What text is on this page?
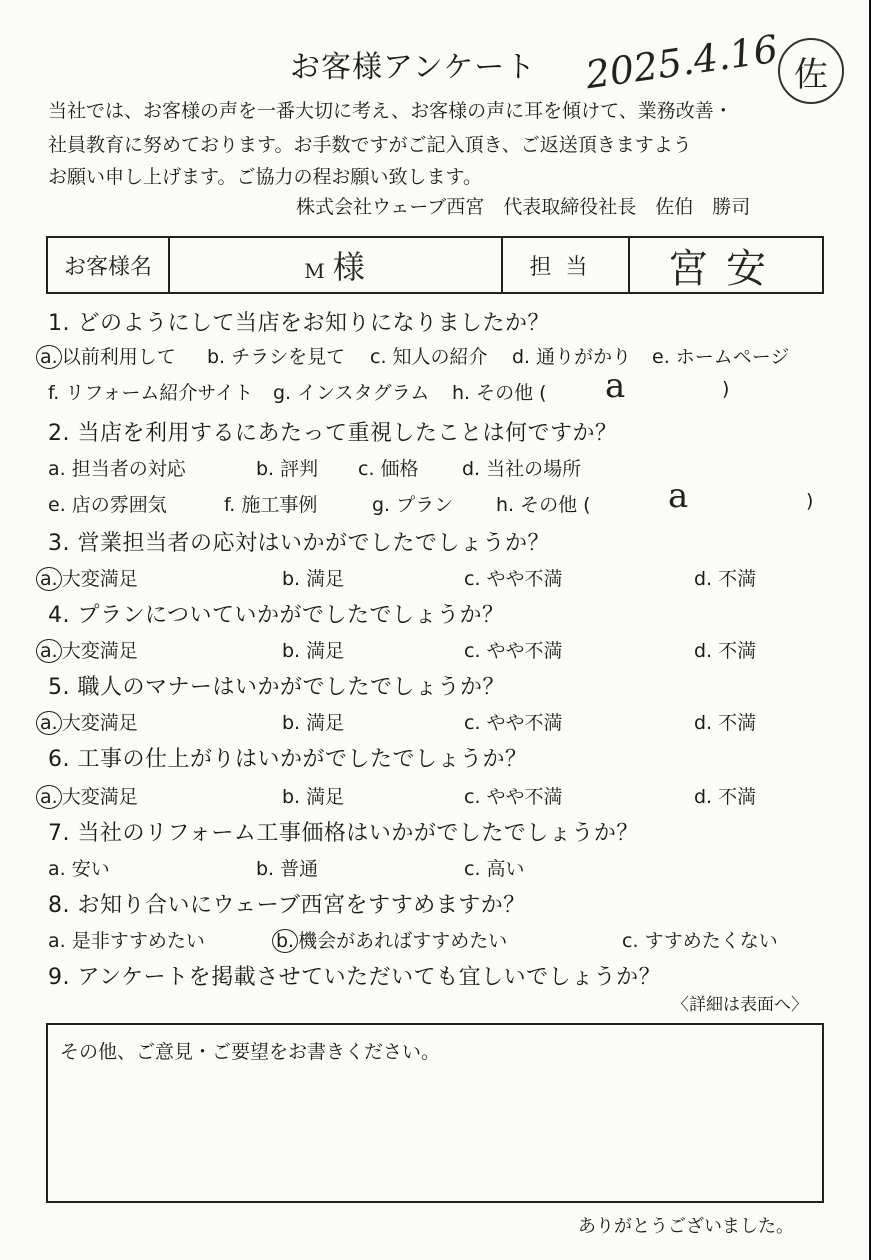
お客様アンケート 2025.4.16 佐
当社では、お客様の声を一番大切に考え、お客様の声に耳を傾けて、業務改善・
社員教育に努めております。お手数ですがご記入頂き、ご返送頂きますよう
お願い申し上げます。ご協力の程お願い致します。
株式会社ウェーブ西宮　代表取締役社長　佐伯　勝司
お客様名	M 様	担当	宮安
1. どのようにして当店をお知りになりましたか？
a. 以前利用して b. チラシを見て c. 知人の紹介 d. 通りがかり e. ホームページ
f. リフォーム紹介サイト g. インスタグラム h. その他 ( a	)
2. 当店を利用するにあたって重視したことは何ですか？
a. 担当者の対応	b. 評判 c. 価格 d. 当社の場所
e. 店の雰囲気	f. 施工事例	g. プラン h. その他 ( a	)
3. 営業担当者の応対はいかがでしたでしょうか？
a. 大変満足	b. 満足	c. やや不満	d. 不満
4. プランについていかがでしたでしょうか？
a. 大変満足	b. 満足	c. やや不満	d. 不満
5. 職人のマナーはいかがでしたでしょうか？
a. 大変満足	b. 満足	c. やや不満	d. 不満
6. 工事の仕上がりはいかがでしたでしょうか？
a. 大変満足	b. 満足	c. やや不満	d. 不満
7. 当社のリフォーム工事価格はいかがでしたでしょうか？
a. 安い	b. 普通	c. 高い
8. お知り合いにウェーブ西宮をすすめますか？
a. 是非すすめたい	b. 機会があればすすめたい	c. すすめたくない
9. アンケートを掲載させていただいても宜しいでしょうか？
〈詳細は表面へ〉
その他、ご意見・ご要望をお書きください。
ありがとうございました。
